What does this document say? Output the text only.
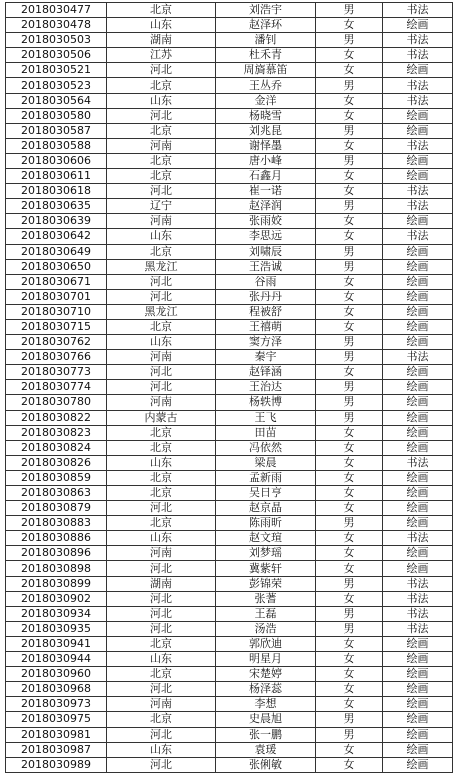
2018030477	北京	刘浩宇	男	书法
2018030478	山东	赵泽环	女	绘画
2018030503	湖南	潘钊	男	书法
2018030506	江苏	杜禾青	女	书法
2018030521	河北	周旖慕笛	女	绘画
2018030523	北京	王丛乔	男	书法
2018030564	山东	金洋	女	书法
2018030580	河北	杨晓雪	女	绘画
2018030587	北京	刘兆昆	男	绘画
2018030588	河南	谢怿墨	女	书法
2018030606	北京	唐小峰	男	绘画
2018030611	北京	石鑫月	女	绘画
2018030618	河北	崔一诺	女	书法
2018030635	辽宁	赵泽润	男	书法
2018030639	河南	张雨姣	女	绘画
2018030642	山东	李思远	女	书法
2018030649	北京	刘啸辰	男	绘画
2018030650	黑龙江	王浩诚	男	绘画
2018030671	河北	谷雨	女	绘画
2018030701	河北	张丹丹	女	绘画
2018030710	黑龙江	程被舒	女	绘画
2018030715	北京	王禧萌	女	绘画
2018030762	山东	窦方泽	男	绘画
2018030766	河南	秦宇	男	书法
2018030773	河北	赵铎涵	女	绘画
2018030774	河北	王治达	男	绘画
2018030780	河南	杨轶博	男	绘画
2018030822	内蒙古	王飞	男	绘画
2018030823	北京	田苗	女	绘画
2018030824	北京	冯依然	女	绘画
2018030826	山东	梁晨	女	书法
2018030859	北京	孟新雨	女	绘画
2018030863	北京	吴日亨	女	绘画
2018030879	河北	赵京晶	女	绘画
2018030883	北京	陈雨昕	男	绘画
2018030886	山东	赵文瑄	女	书法
2018030896	河南	刘梦瑶	女	绘画
2018030898	河北	冀紫轩	女	绘画
2018030899	湖南	彭锦荣	男	书法
2018030902	河北	张蓍	女	书法
2018030934	河北	王磊	男	书法
2018030935	河北	汤浩	男	书法
2018030941	北京	郭欣迪	女	绘画
2018030944	山东	明星月	女	绘画
2018030960	北京	宋楚婷	女	绘画
2018030968	河北	杨泽蕊	女	绘画
2018030973	河南	李想	女	绘画
2018030975	北京	史晨旭	男	绘画
2018030981	河北	张一鹏	男	绘画
2018030987	山东	袁瑗	女	绘画
2018030989	河北	张俐敏	女	绘画
